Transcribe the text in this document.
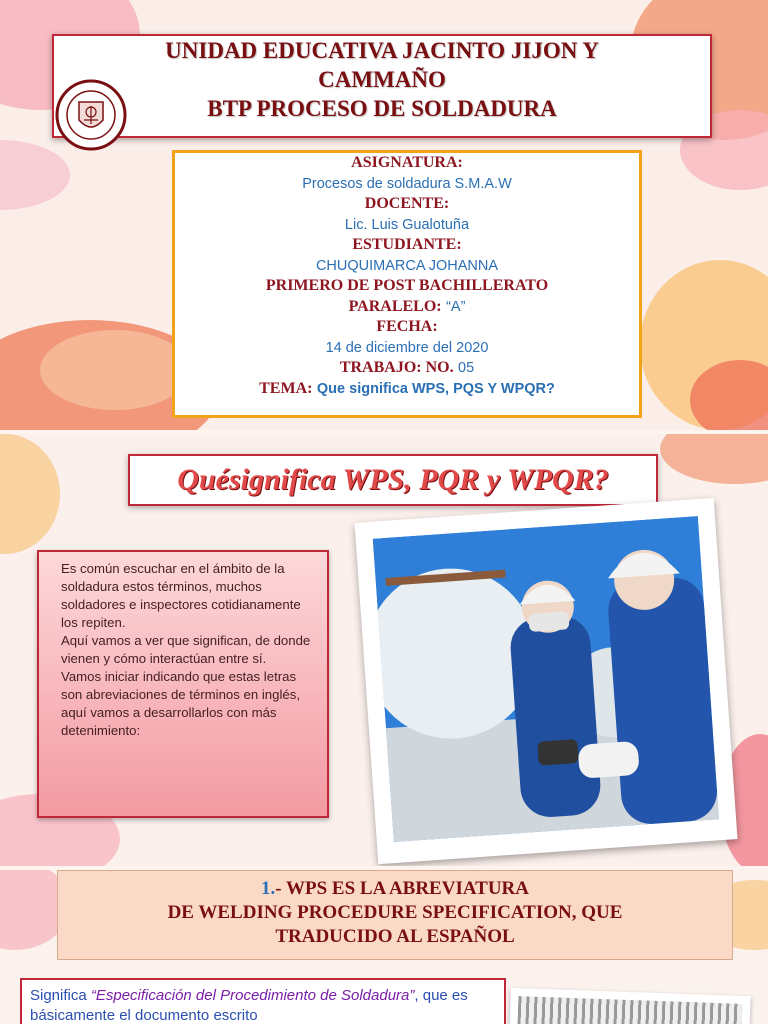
UNIDAD EDUCATIVA JACINTO JIJON Y
CAMMAÑO
BTP PROCESO DE SOLDADURA
ASIGNATURA:
Procesos de soldadura S.M.A.W
DOCENTE:
Lic. Luis Gualotuña
ESTUDIANTE:
CHUQUIMARCA JOHANNA
PRIMERO DE POST BACHILLERATO
PARALELO: “A”
FECHA:
14 de diciembre del 2020
TRABAJO: NO. 05
TEMA: Que significa WPS, PQS Y WPQR?
Quésignifica WPS, PQR y WPQR?

Es común escuchar en el ámbito de la soldadura estos términos, muchos soldadores e inspectores cotidianamente los repiten.

Aquí vamos a ver que significan, de donde vienen y cómo interactúan entre sí.

Vamos iniciar indicando que estas letras son abreviaciones de términos en inglés, aquí vamos a desarrollarlos con más detenimiento:

1.- WPS ES LA ABREVIATURA
DE WELDING PROCEDURE SPECIFICATION, QUE
TRADUCIDO AL ESPAÑOL

Significa “Especificación del Procedimiento de Soldadura”, que es básicamente el documento escrito
